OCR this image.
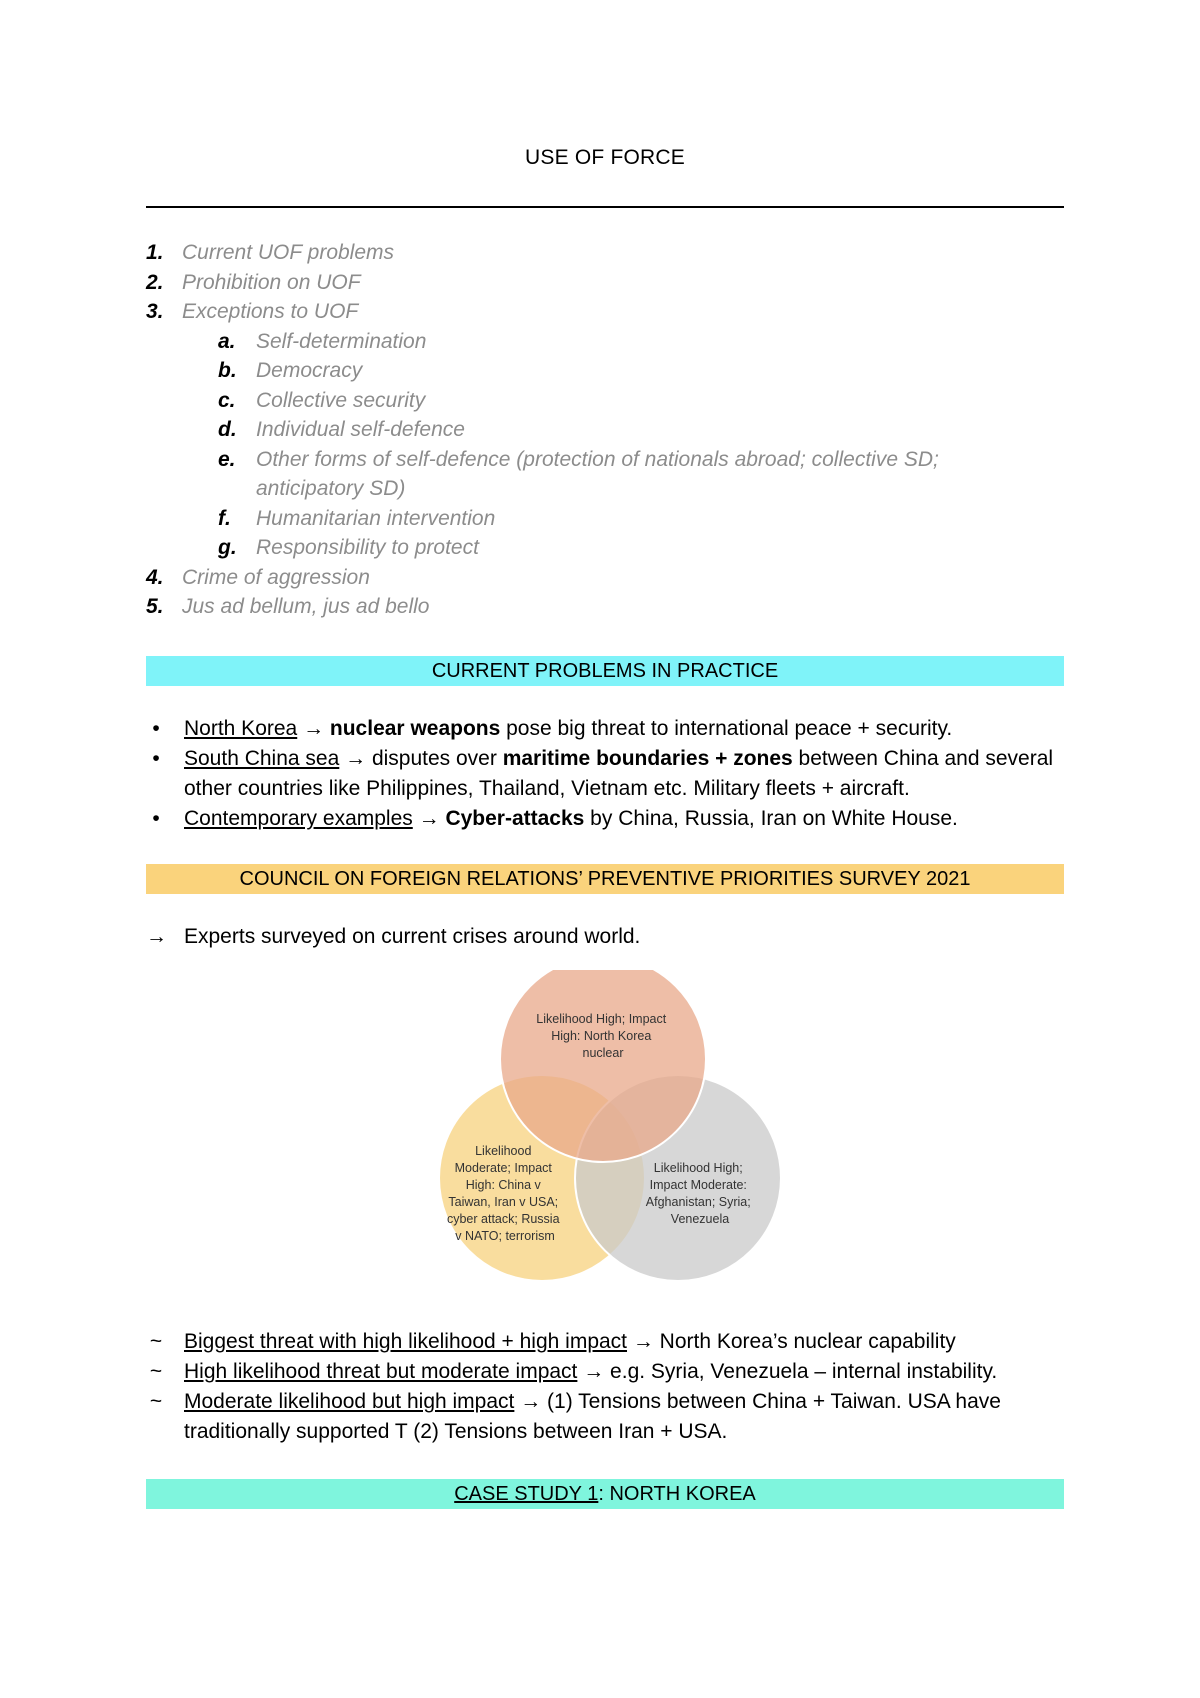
USE OF FORCE
1. Current UOF problems
2. Prohibition on UOF
3. Exceptions to UOF
a. Self-determination
b. Democracy
c. Collective security
d. Individual self-defence
e. Other forms of self-defence (protection of nationals abroad; collective SD; anticipatory SD)
f.	Humanitarian intervention
g. Responsibility to protect
4. Crime of aggression
5. Jus ad bellum, jus ad bello
CURRENT PROBLEMS IN PRACTICE
•	North Korea → nuclear weapons pose big threat to international peace + security.
•	South China sea → disputes over maritime boundaries + zones between China and several other countries like Philippines, Thailand, Vietnam etc. Military fleets + aircraft.
•	Contemporary examples → Cyber-attacks by China, Russia, Iran on White House.
COUNCIL ON FOREIGN RELATIONS’ PREVENTIVE PRIORITIES SURVEY 2021
→ Experts surveyed on current crises around world.
Likelihood High; Impact High: North Korea nuclear
Likelihood Moderate; Impact High: China v Taiwan, Iran v USA; cyber attack; Russia v NATO; terrorism
Likelihood High; Impact Moderate: Afghanistan; Syria; Venezuela
~ Biggest threat with high likelihood + high impact → North Korea’s nuclear capability
~ High likelihood threat but moderate impact → e.g. Syria, Venezuela – internal instability.
~ Moderate likelihood but high impact → (1) Tensions between China + Taiwan. USA have traditionally supported T (2) Tensions between Iran + USA.
CASE STUDY 1: NORTH KOREA
